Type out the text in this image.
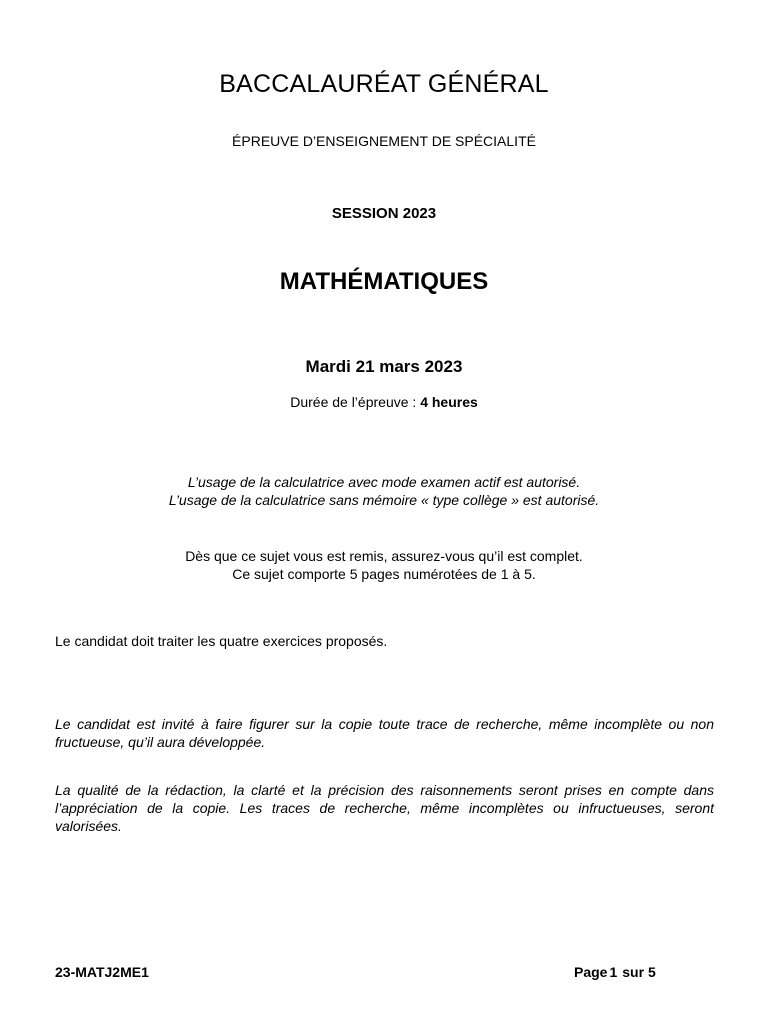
BACCALAURÉAT GÉNÉRAL
ÉPREUVE D’ENSEIGNEMENT DE SPÉCIALITÉ
SESSION 2023
MATHÉMATIQUES
Mardi 21 mars 2023
Durée de l’épreuve : 4 heures
L’usage de la calculatrice avec mode examen actif est autorisé.
L’usage de la calculatrice sans mémoire « type collège » est autorisé.
Dès que ce sujet vous est remis, assurez-vous qu’il est complet.
Ce sujet comporte 5 pages numérotées de 1 à 5.
Le candidat doit traiter les quatre exercices proposés.
Le candidat est invité à faire figurer sur la copie toute trace de recherche, même incomplète ou non fructueuse, qu’il aura développée.
La qualité de la rédaction, la clarté et la précision des raisonnements seront prises en compte dans l’appréciation de la copie. Les traces de recherche, même incomplètes ou infructueuses, seront valorisées.
23-MATJ2ME1	Page 1 sur 5
